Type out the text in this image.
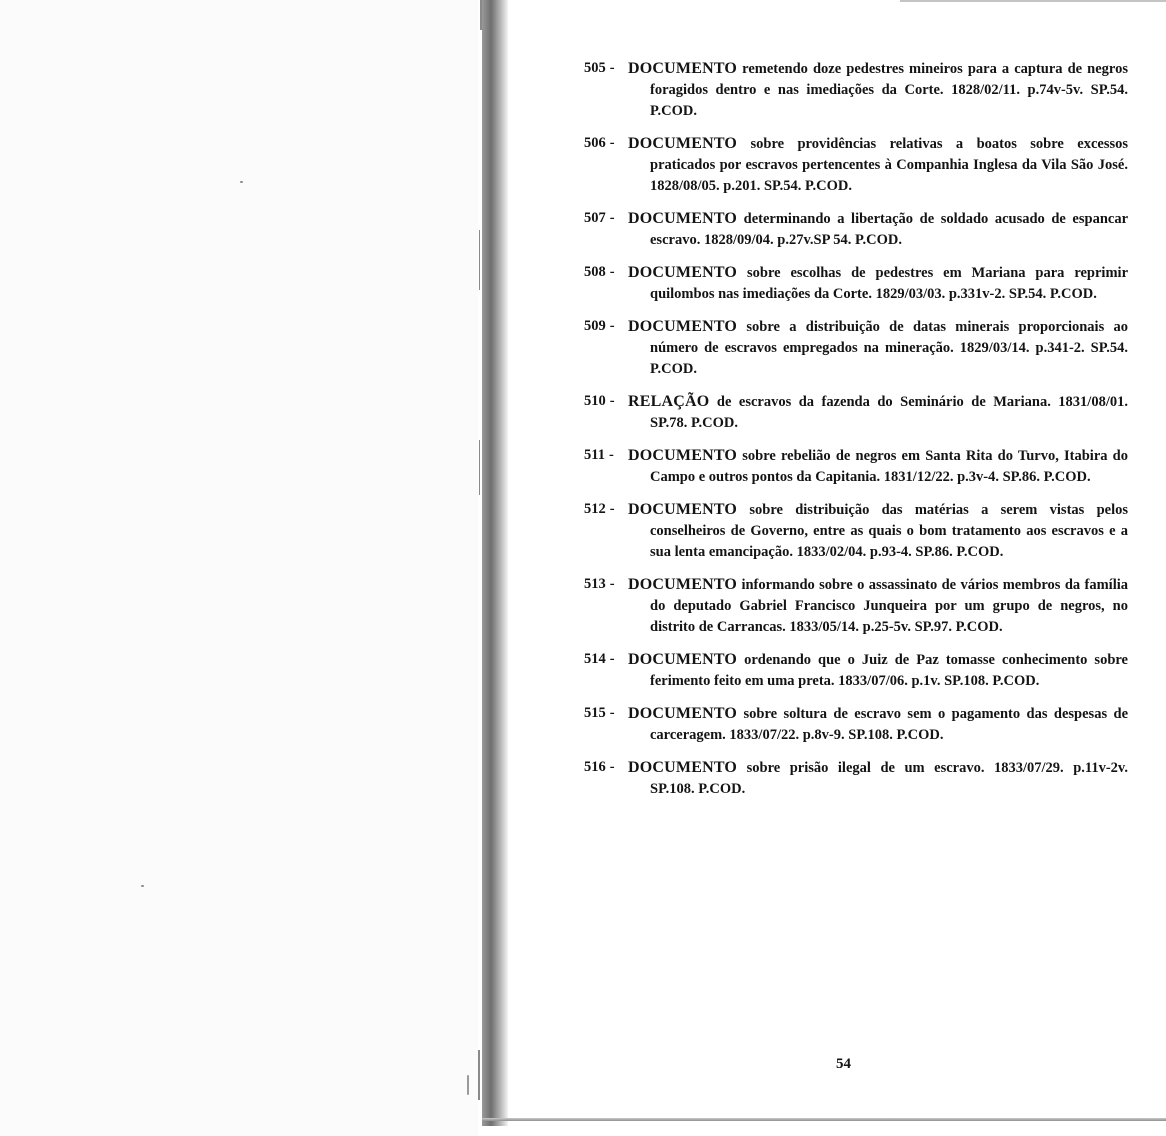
505 - DOCUMENTO remetendo doze pedestres mineiros para a captura de negros foragidos dentro e nas imediações da Corte. 1828/02/11. p.74v-5v. SP.54. P.COD.
506 - DOCUMENTO sobre providências relativas a boatos sobre excessos praticados por escravos pertencentes à Companhia Inglesa da Vila São José. 1828/08/05. p.201. SP.54. P.COD.
507 - DOCUMENTO determinando a libertação de soldado acusado de espancar escravo. 1828/09/04. p.27v.SP 54. P.COD.
508 - DOCUMENTO sobre escolhas de pedestres em Mariana para reprimir quilombos nas imediações da Corte. 1829/03/03. p.331v-2. SP.54. P.COD.
509 - DOCUMENTO sobre a distribuição de datas minerais proporcionais ao número de escravos empregados na mineração. 1829/03/14. p.341-2. SP.54. P.COD.
510 - RELAÇÃO de escravos da fazenda do Seminário de Mariana. 1831/08/01. SP.78. P.COD.
511 - DOCUMENTO sobre rebelião de negros em Santa Rita do Turvo, Itabira do Campo e outros pontos da Capitania. 1831/12/22. p.3v-4. SP.86. P.COD.
512 - DOCUMENTO sobre distribuição das matérias a serem vistas pelos conselheiros de Governo, entre as quais o bom tratamento aos escravos e a sua lenta emancipação. 1833/02/04. p.93-4. SP.86. P.COD.
513 - DOCUMENTO informando sobre o assassinato de vários membros da família do deputado Gabriel Francisco Junqueira por um grupo de negros, no distrito de Carrancas. 1833/05/14. p.25-5v. SP.97. P.COD.
514 - DOCUMENTO ordenando que o Juiz de Paz tomasse conhecimento sobre ferimento feito em uma preta. 1833/07/06. p.1v. SP.108. P.COD.
515 - DOCUMENTO sobre soltura de escravo sem o pagamento das despesas de carceragem. 1833/07/22. p.8v-9. SP.108. P.COD.
516 - DOCUMENTO sobre prisão ilegal de um escravo. 1833/07/29. p.11v-2v. SP.108. P.COD.
54
